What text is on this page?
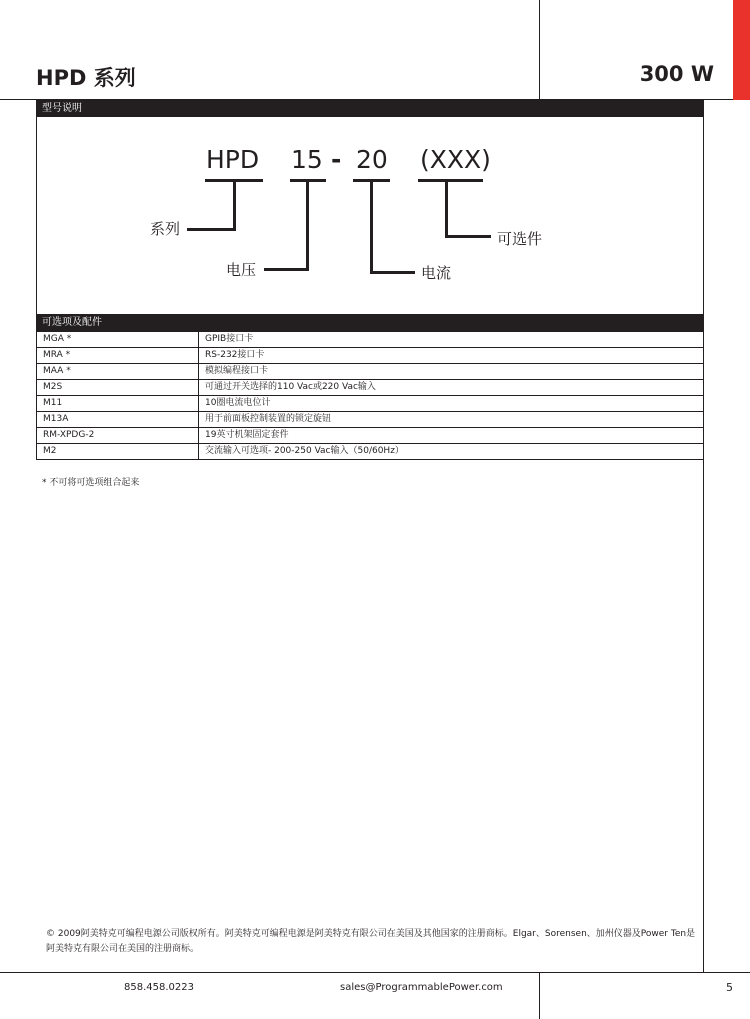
HPD 系列	300 W
型号说明
HPD 15 - 20 (XXX)
系列
电压	电流
可选件
可选项及配件
MGA *	GPIB接口卡
MRA *	RS-232接口卡
MAA *	模拟编程接口卡
M2S	可通过开关选择的110 Vac或220 Vac输入
M11	10圈电流电位计
M13A	用于前面板控制装置的锁定旋钮
RM-XPDG-2	19英寸机架固定套件
M2	交流输入可选项- 200-250 Vac输入（50/60Hz）
* 不可将可选项组合起来
© 2009阿美特克可编程电源公司版权所有。阿美特克可编程电源是阿美特克有限公司在美国及其他国家的注册商标。Elgar、Sorensen、加州仪器及Power Ten是阿美特克有限公司在美国的注册商标。
858.458.0223	sales@ProgrammablePower.com	5
